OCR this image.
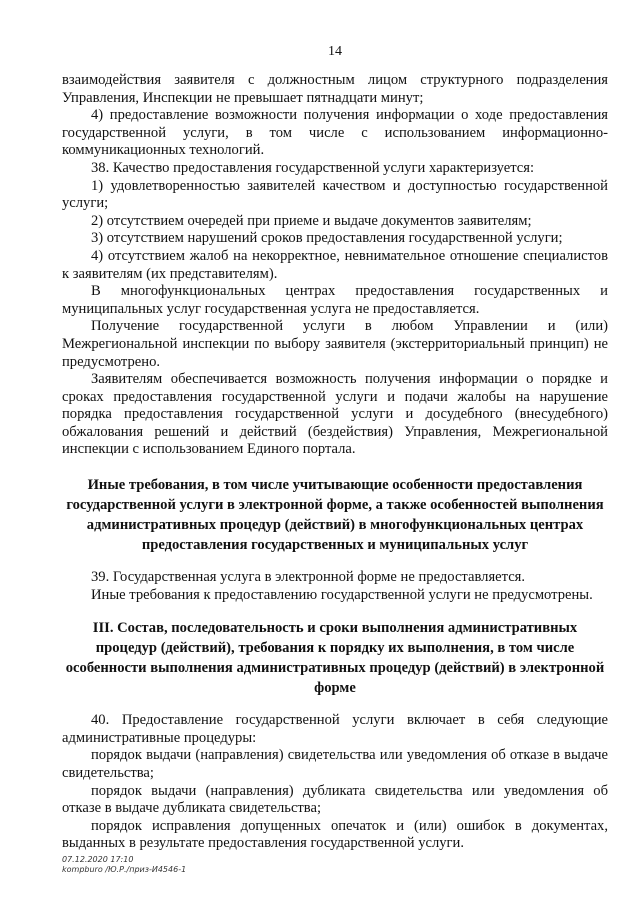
14

взаимодействия заявителя с должностным лицом структурного подразделения Управления, Инспекции не превышает пятнадцати минут;

4) предоставление возможности получения информации о ходе предоставления государственной услуги, в том числе с использованием информационно-коммуникационных технологий.

38. Качество предоставления государственной услуги характеризуется:

1) удовлетворенностью заявителей качеством и доступностью государственной услуги;

2) отсутствием очередей при приеме и выдаче документов заявителям;

3) отсутствием нарушений сроков предоставления государственной услуги;

4) отсутствием жалоб на некорректное, невнимательное отношение специалистов к заявителям (их представителям).

В многофункциональных центрах предоставления государственных и муниципальных услуг государственная услуга не предоставляется.

Получение государственной услуги в любом Управлении и (или) Межрегиональной инспекции по выбору заявителя (экстерриториальный принцип) не предусмотрено.

Заявителям обеспечивается возможность получения информации о порядке и сроках предоставления государственной услуги и подачи жалобы на нарушение порядка предоставления государственной услуги и досудебного (внесудебного) обжалования решений и действий (бездействия) Управления, Межрегиональной инспекции с использованием Единого портала.

Иные требования, в том числе учитывающие особенности предоставления государственной услуги в электронной форме, а также особенностей выполнения административных процедур (действий) в многофункциональных центрах предоставления государственных и муниципальных услуг

39. Государственная услуга в электронной форме не предоставляется.

Иные требования к предоставлению государственной услуги не предусмотрены.

III. Состав, последовательность и сроки выполнения административных процедур (действий), требования к порядку их выполнения, в том числе особенности выполнения административных процедур (действий) в электронной форме

40. Предоставление государственной услуги включает в себя следующие административные процедуры:

порядок выдачи (направления) свидетельства или уведомления об отказе в выдаче свидетельства;

порядок выдачи (направления) дубликата свидетельства или уведомления об отказе в выдаче дубликата свидетельства;

порядок исправления допущенных опечаток и (или) ошибок в документах, выданных в результате предоставления государственной услуги.

07.12.2020 17:10
kompburo /Ю.Р./приз-И4546-1
